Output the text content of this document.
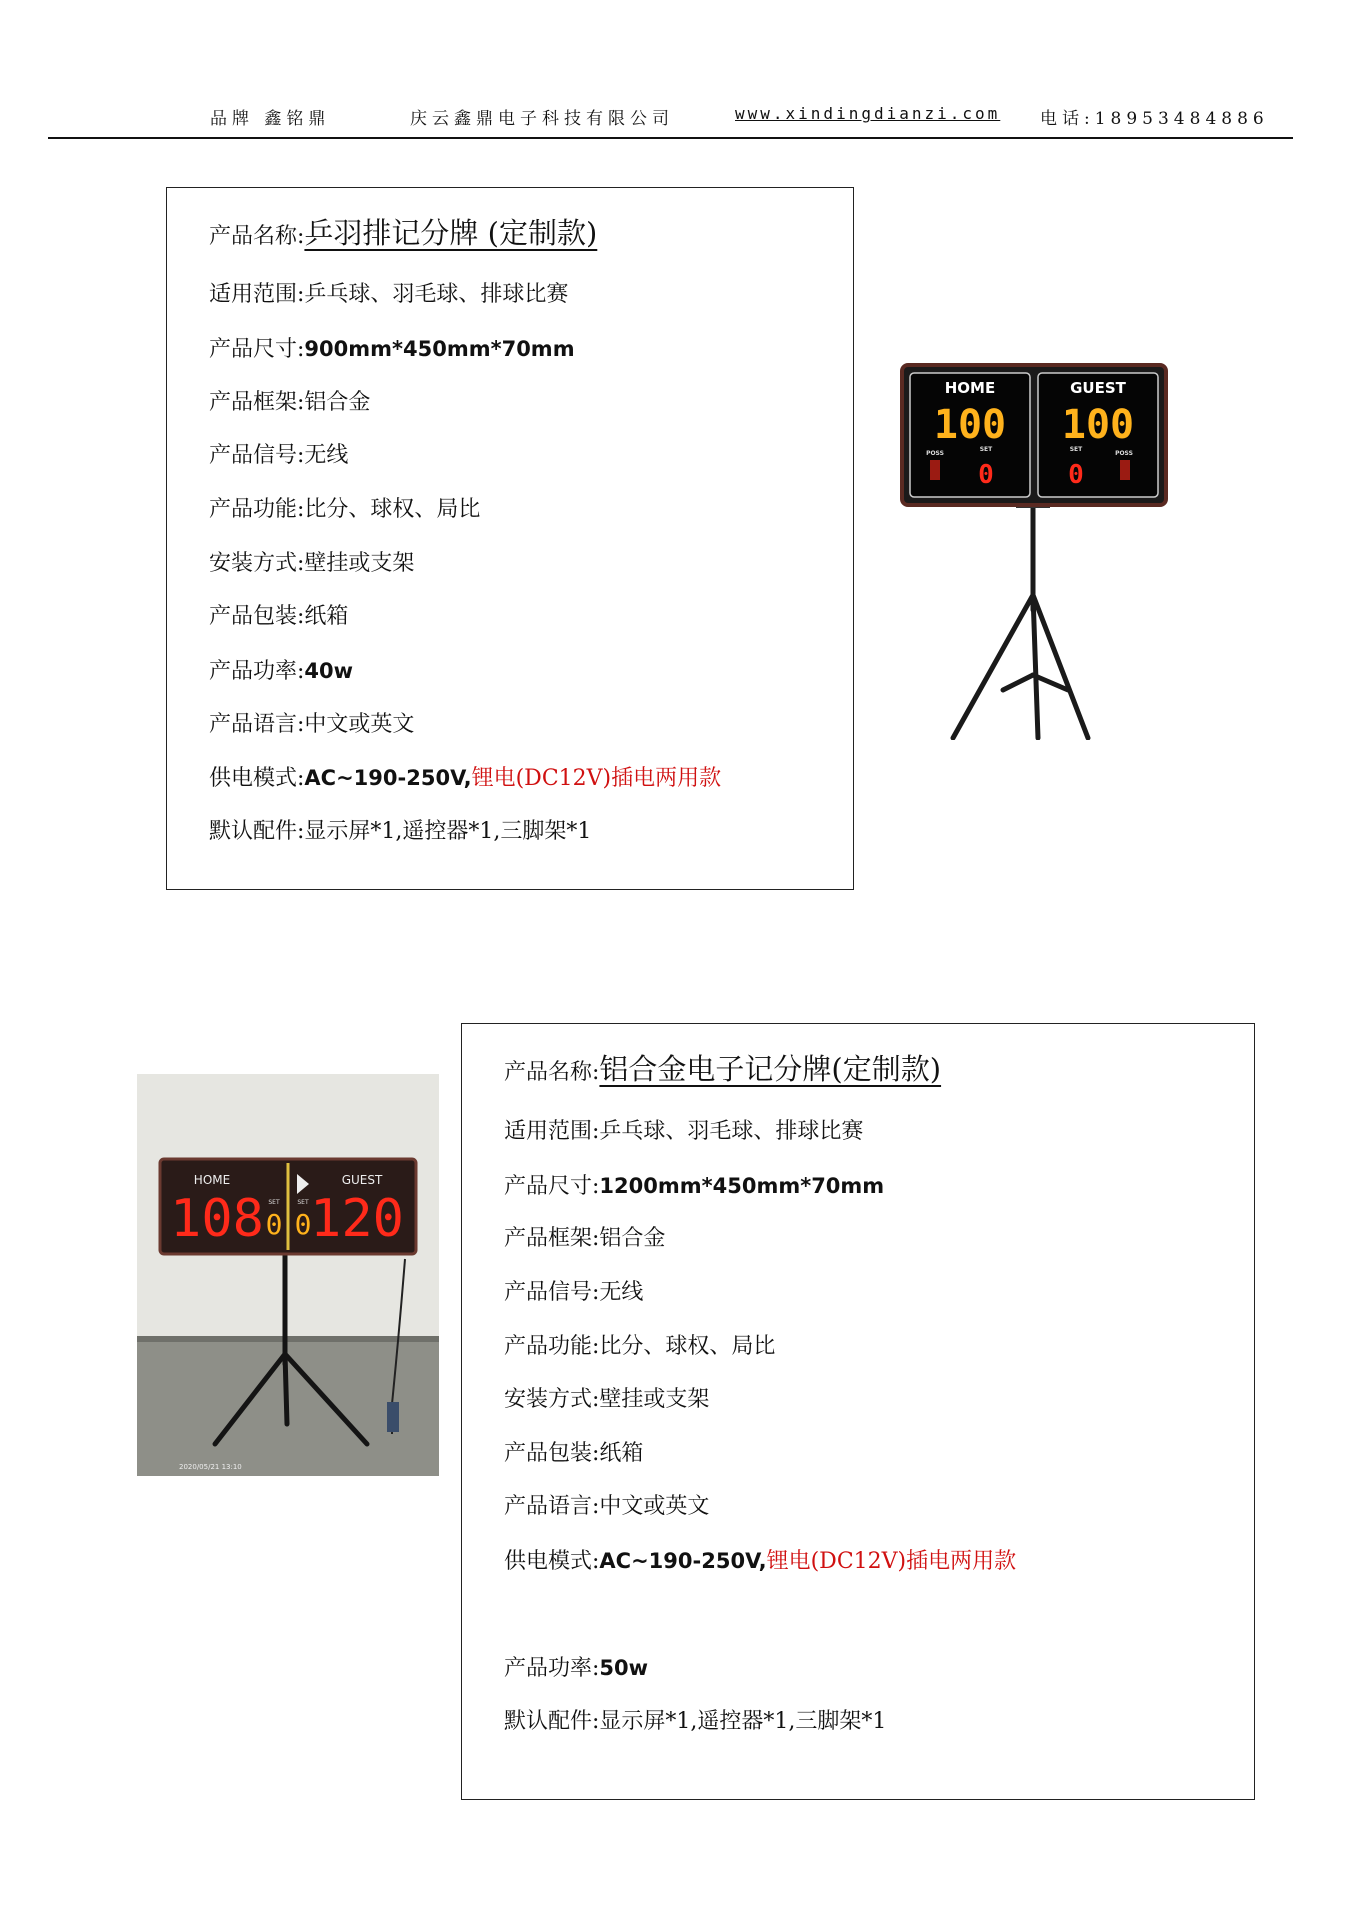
品牌 鑫铭鼎	庆云鑫鼎电子科技有限公司	www.xindingdianzi.com 电话:18953484886
产品名称:乒羽排记分牌 (定制款)
适用范围:乒乓球、羽毛球、排球比赛
产品尺寸:900mm*450mm*70mm
产品框架:铝合金
产品信号:无线
产品功能:比分、球权、局比
安装方式:壁挂或支架
产品包装:纸箱
产品功率:40w
产品语言:中文或英文
供电模式:AC~190-250V,锂电(DC12V)插电两用款
默认配件:显示屏*1,遥控器*1,三脚架*1
HOME	GUEST
100 100
SET	SET
POSS	POSS
0	0
HOME	GUEST
108 120
SET	SET
0 0
2020/05/21 13:10
产品名称:铝合金电子记分牌(定制款)
适用范围:乒乓球、羽毛球、排球比赛
产品尺寸:1200mm*450mm*70mm
产品框架:铝合金
产品信号:无线
产品功能:比分、球权、局比
安装方式:壁挂或支架
产品包装:纸箱
产品语言:中文或英文
供电模式:AC~190-250V,锂电(DC12V)插电两用款
产品功率:50w
默认配件:显示屏*1,遥控器*1,三脚架*1
